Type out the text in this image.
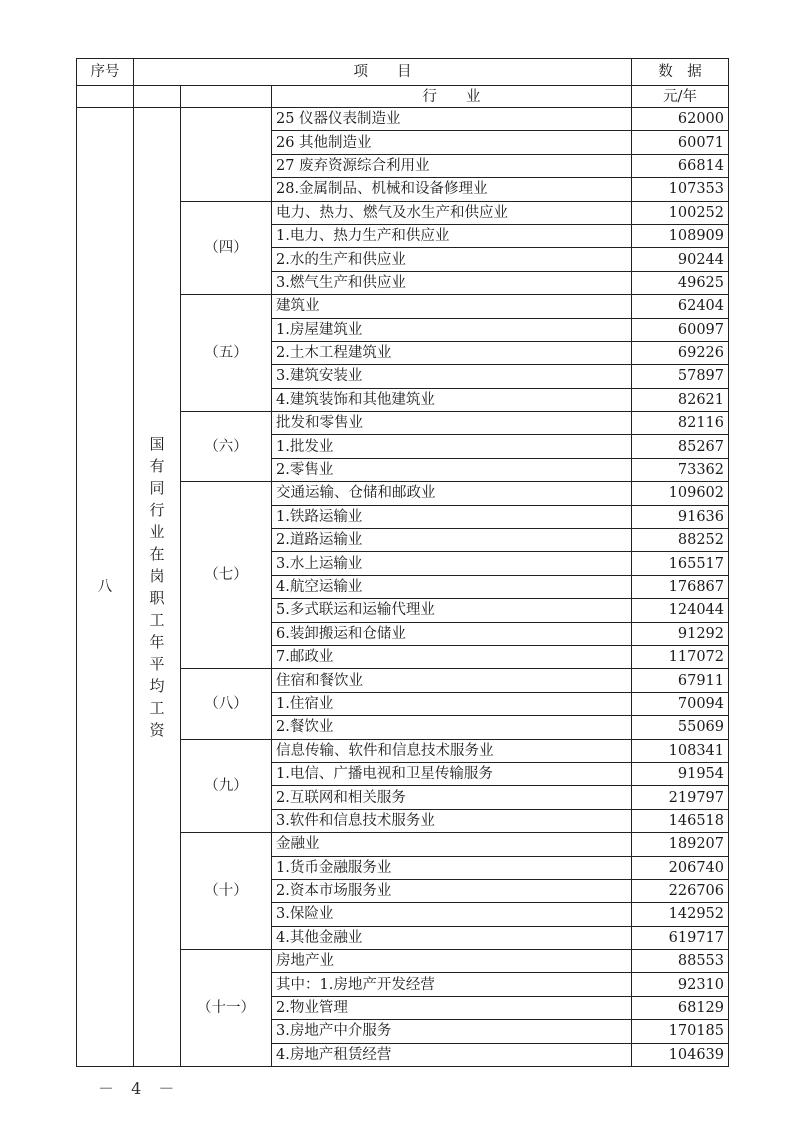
序号	项　　目			数　据
			行　　业	元/年
八	国有同行业在岗职工年平均工资		25 仪器仪表制造业	62000
			26 其他制造业	60071
			27 废弃资源综合利用业	66814
			28.金属制品、机械和设备修理业	107353
		（四）	电力、热力、燃气及水生产和供应业	100252
			1.电力、热力生产和供应业	108909
			2.水的生产和供应业	90244
			3.燃气生产和供应业	49625
		（五）	建筑业	62404
			1.房屋建筑业	60097
			2.土木工程建筑业	69226
			3.建筑安装业	57897
			4.建筑装饰和其他建筑业	82621
		（六）	批发和零售业	82116
			1.批发业	85267
			2.零售业	73362
		（七）	交通运输、仓储和邮政业	109602
			1.铁路运输业	91636
			2.道路运输业	88252
			3.水上运输业	165517
			4.航空运输业	176867
			5.多式联运和运输代理业	124044
			6.装卸搬运和仓储业	91292
			7.邮政业	117072
		（八）	住宿和餐饮业	67911
			1.住宿业	70094
			2.餐饮业	55069
		（九）	信息传输、软件和信息技术服务业	108341
			1.电信、广播电视和卫星传输服务	91954
			2.互联网和相关服务	219797
			3.软件和信息技术服务业	146518
		（十）	金融业	189207
			1.货币金融服务业	206740
			2.资本市场服务业	226706
			3.保险业	142952
			4.其他金融业	619717
		（十一）	房地产业	88553
			其中：1.房地产开发经营	92310
			2.物业管理	68129
			3.房地产中介服务	170185
			4.房地产租赁经营	104639
－ 4 －
